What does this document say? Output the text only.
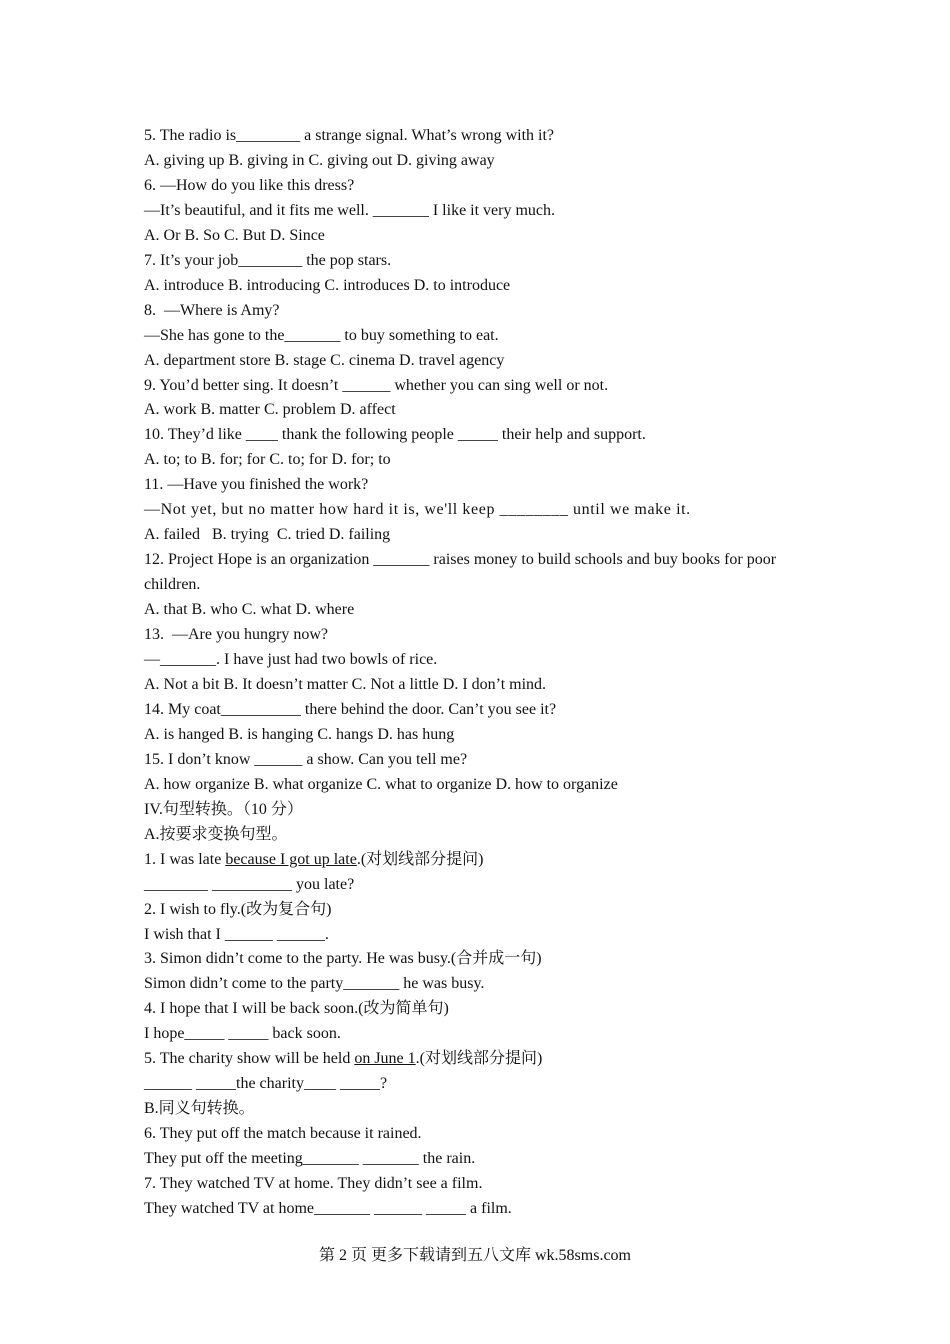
5. The radio is________ a strange signal. What’s wrong with it?

A. giving up B. giving in C. giving out D. giving away

6. —How do you like this dress?

—It’s beautiful, and it fits me well. _______ I like it very much.

A. Or B. So C. But D. Since

7. It’s your job________ the pop stars.

A. introduce B. introducing C. introduces D. to introduce

8.  —Where is Amy?

—She has gone to the_______ to buy something to eat.

A. department store B. stage C. cinema D. travel agency

9. You’d better sing. It doesn’t ______ whether you can sing well or not.

A. work B. matter C. problem D. affect

10. They’d like ____ thank the following people _____ their help and support.

A. to; to B. for; for C. to; for D. for; to

11. —Have you finished the work?

—Not yet, but no matter how hard it is, we'll keep ________ until we make it.

A. failed   B. trying  C. tried D. failing

12. Project Hope is an organization _______ raises money to build schools and buy books for poor children.

A. that B. who C. what D. where

13.  —Are you hungry now?

—_______. I have just had two bowls of rice.

A. Not a bit B. It doesn’t matter C. Not a little D. I don’t mind.

14. My coat__________ there behind the door. Can’t you see it?

A. is hanged B. is hanging C. hangs D. has hung

15. I don’t know ______ a show. Can you tell me?

A. how organize B. what organize C. what to organize D. how to organize

IV.句型转换。（10 分）

A.按要求变换句型。

1. I was late because I got up late.(对划线部分提问)

________ __________ you late?

2. I wish to fly.(改为复合句)

I wish that I ______ ______.

3. Simon didn’t come to the party. He was busy.(合并成一句)

Simon didn’t come to the party_______ he was busy.

4. I hope that I will be back soon.(改为简单句)

I hope_____ _____ back soon.

5. The charity show will be held on June 1.(对划线部分提问)

______ _____the charity____ _____?

B.同义句转换。

6. They put off the match because it rained.

They put off the meeting_______ _______ the rain.

7. They watched TV at home. They didn’t see a film.

They watched TV at home_______ ______ _____ a film.

第 2 页 更多下载请到五八文库 wk.58sms.com
